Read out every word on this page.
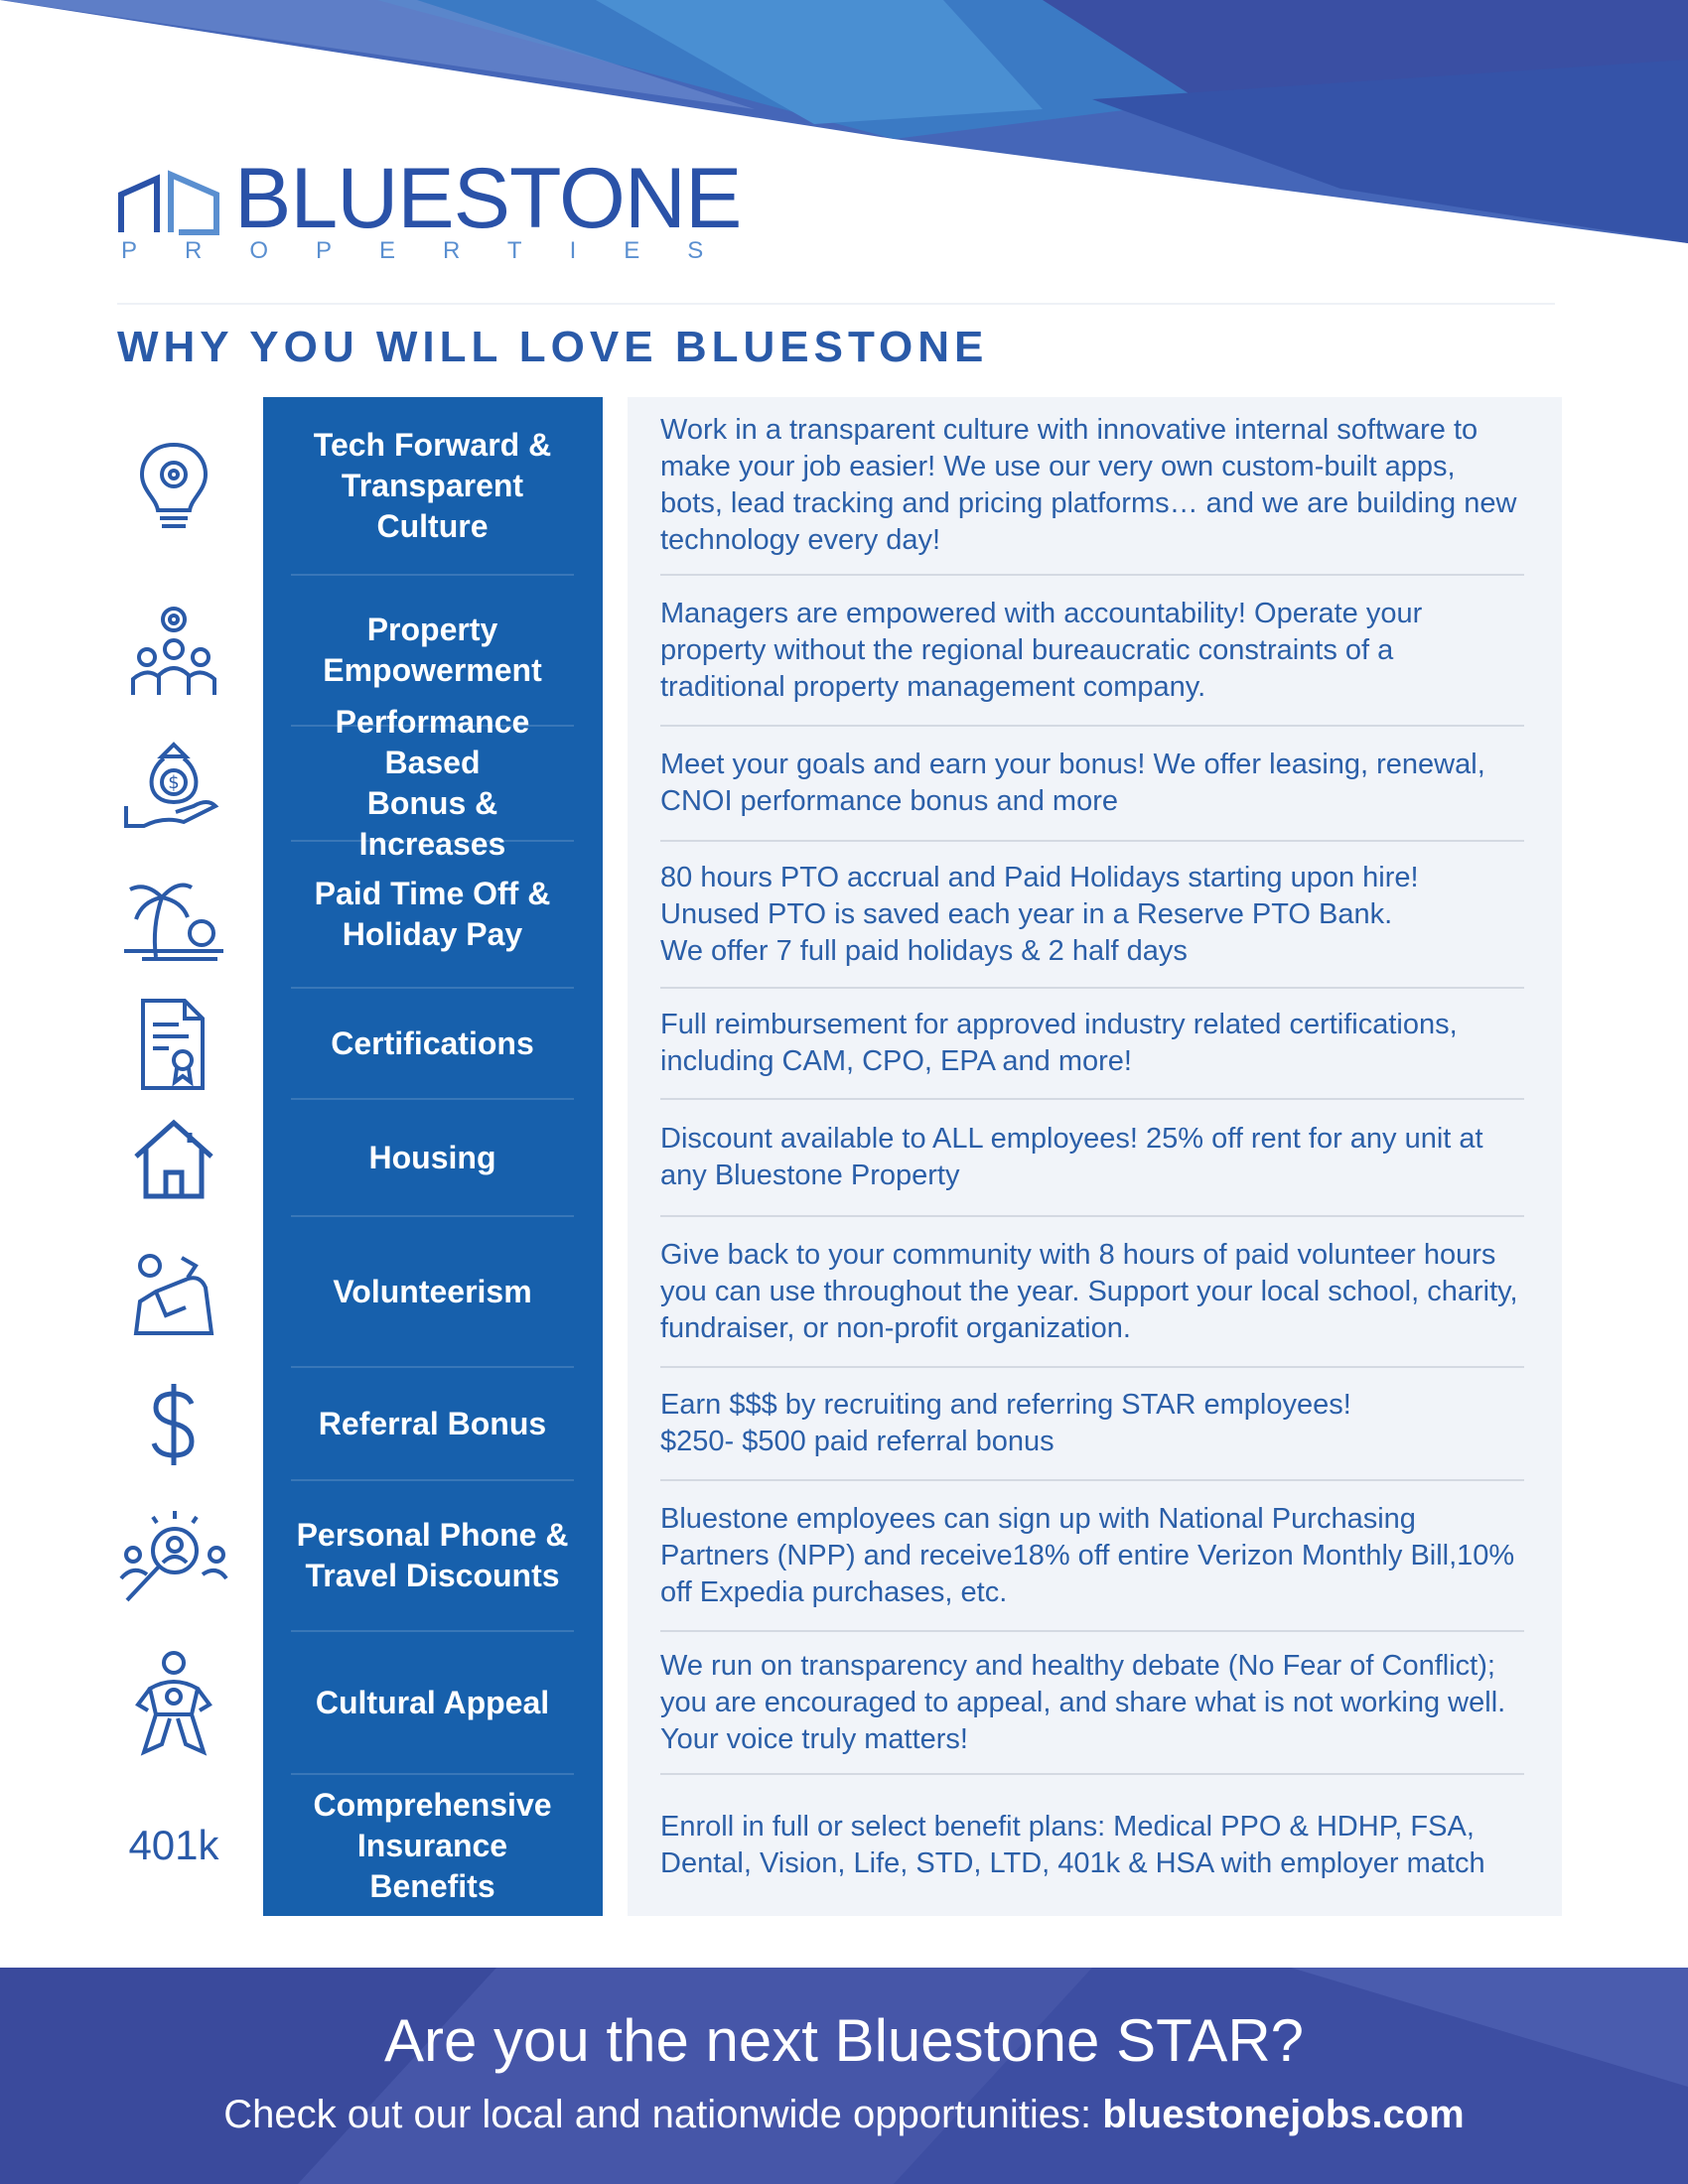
BLUESTONE
PROPERTIES
WHY YOU WILL LOVE BLUESTONE
Tech Forward &
Transparent Culture
Work in a transparent culture with innovative internal software to make your job easier! We use our very own custom-built apps, bots, lead tracking and pricing platforms… and we are building new technology every day!
Property
Empowerment
Managers are empowered with accountability! Operate your property without the regional bureaucratic constraints of a traditional property management company.
$
Performance Based
Bonus & Increases
Meet your goals and earn your bonus! We offer leasing, renewal, CNOI performance bonus and more
Paid Time Off &
Holiday Pay
80 hours PTO accrual and Paid Holidays starting upon hire!
Unused PTO is saved each year in a Reserve PTO Bank.
We offer 7 full paid holidays & 2 half days
Certifications
Full reimbursement for approved industry related certifications, including CAM, CPO, EPA and more!
Housing
Discount available to ALL employees! 25% off rent for any unit at any Bluestone Property
Volunteerism
Give back to your community with 8 hours of paid volunteer hours you can use throughout the year. Support your local school, charity, fundraiser, or non-profit organization.
Referral Bonus
Earn $$$ by recruiting and referring STAR employees!
$250- $500 paid referral bonus
Personal Phone &
Travel Discounts
Bluestone employees can sign up with National Purchasing Partners (NPP) and receive18% off entire Verizon Monthly Bill,10% off Expedia purchases, etc.
Cultural Appeal
We run on transparency and healthy debate (No Fear of Conflict); you are encouraged to appeal, and share what is not working well. Your voice truly matters!
401k
Comprehensive
Insurance Benefits
Enroll in full or select benefit plans: Medical PPO & HDHP, FSA, Dental, Vision, Life, STD, LTD, 401k & HSA with employer match
Are you the next Bluestone STAR?
Check out our local and nationwide opportunities: bluestonejobs.com
